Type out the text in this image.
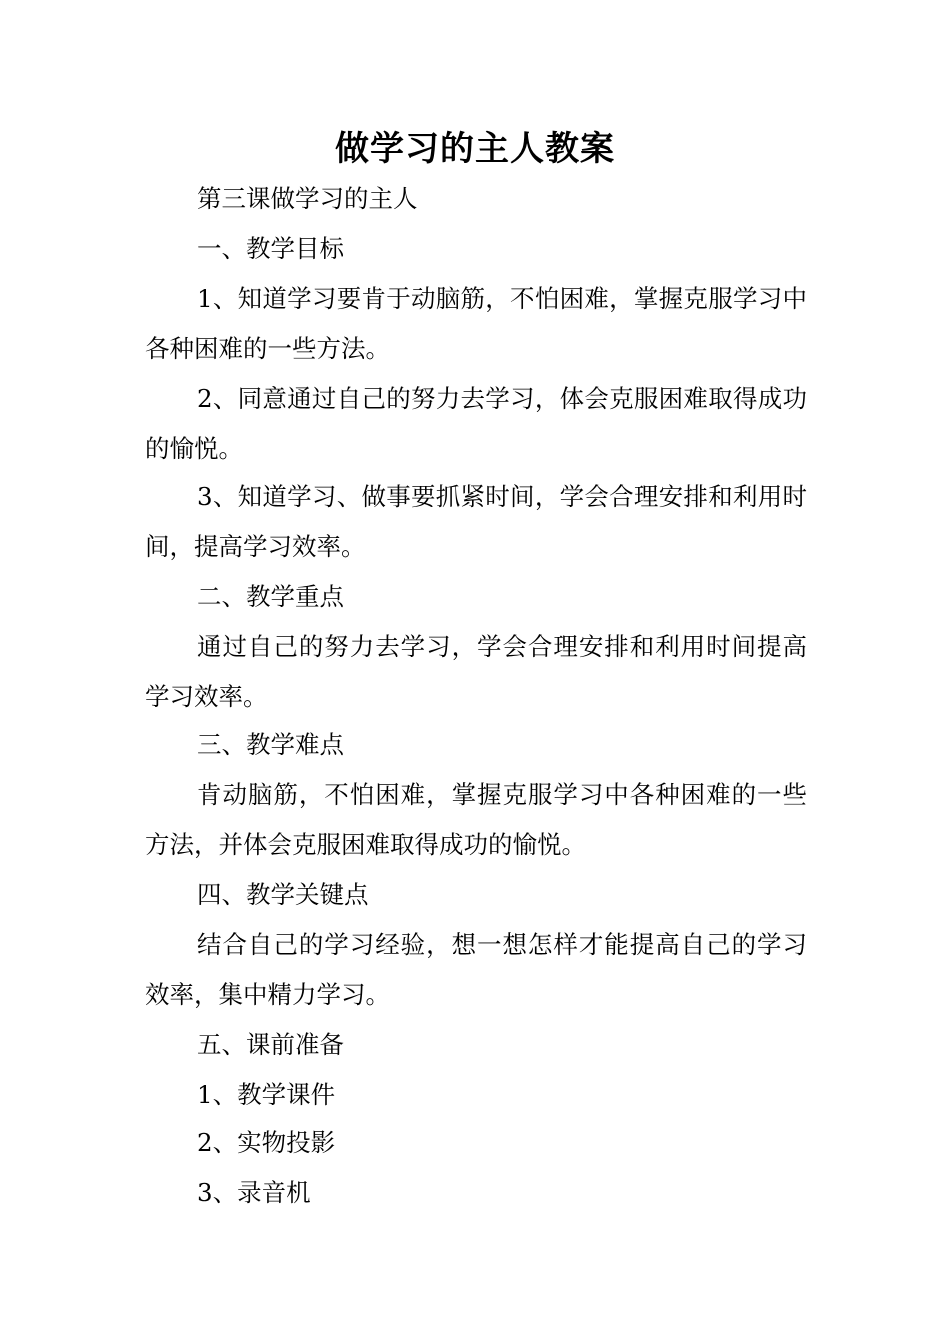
做学习的主人教案
第三课做学习的主人
一、教学目标
1、知道学习要肯于动脑筋，不怕困难，掌握克服学习中各种困难的一些方法。
2、同意通过自己的努力去学习，体会克服困难取得成功的愉悦。
3、知道学习、做事要抓紧时间，学会合理安排和利用时间，提高学习效率。
二、教学重点
通过自己的努力去学习，学会合理安排和利用时间提高学习效率。
三、教学难点
肯动脑筋，不怕困难，掌握克服学习中各种困难的一些方法，并体会克服困难取得成功的愉悦。
四、教学关键点
结合自己的学习经验，想一想怎样才能提高自己的学习效率，集中精力学习。
五、课前准备
1、教学课件
2、实物投影
3、录音机
